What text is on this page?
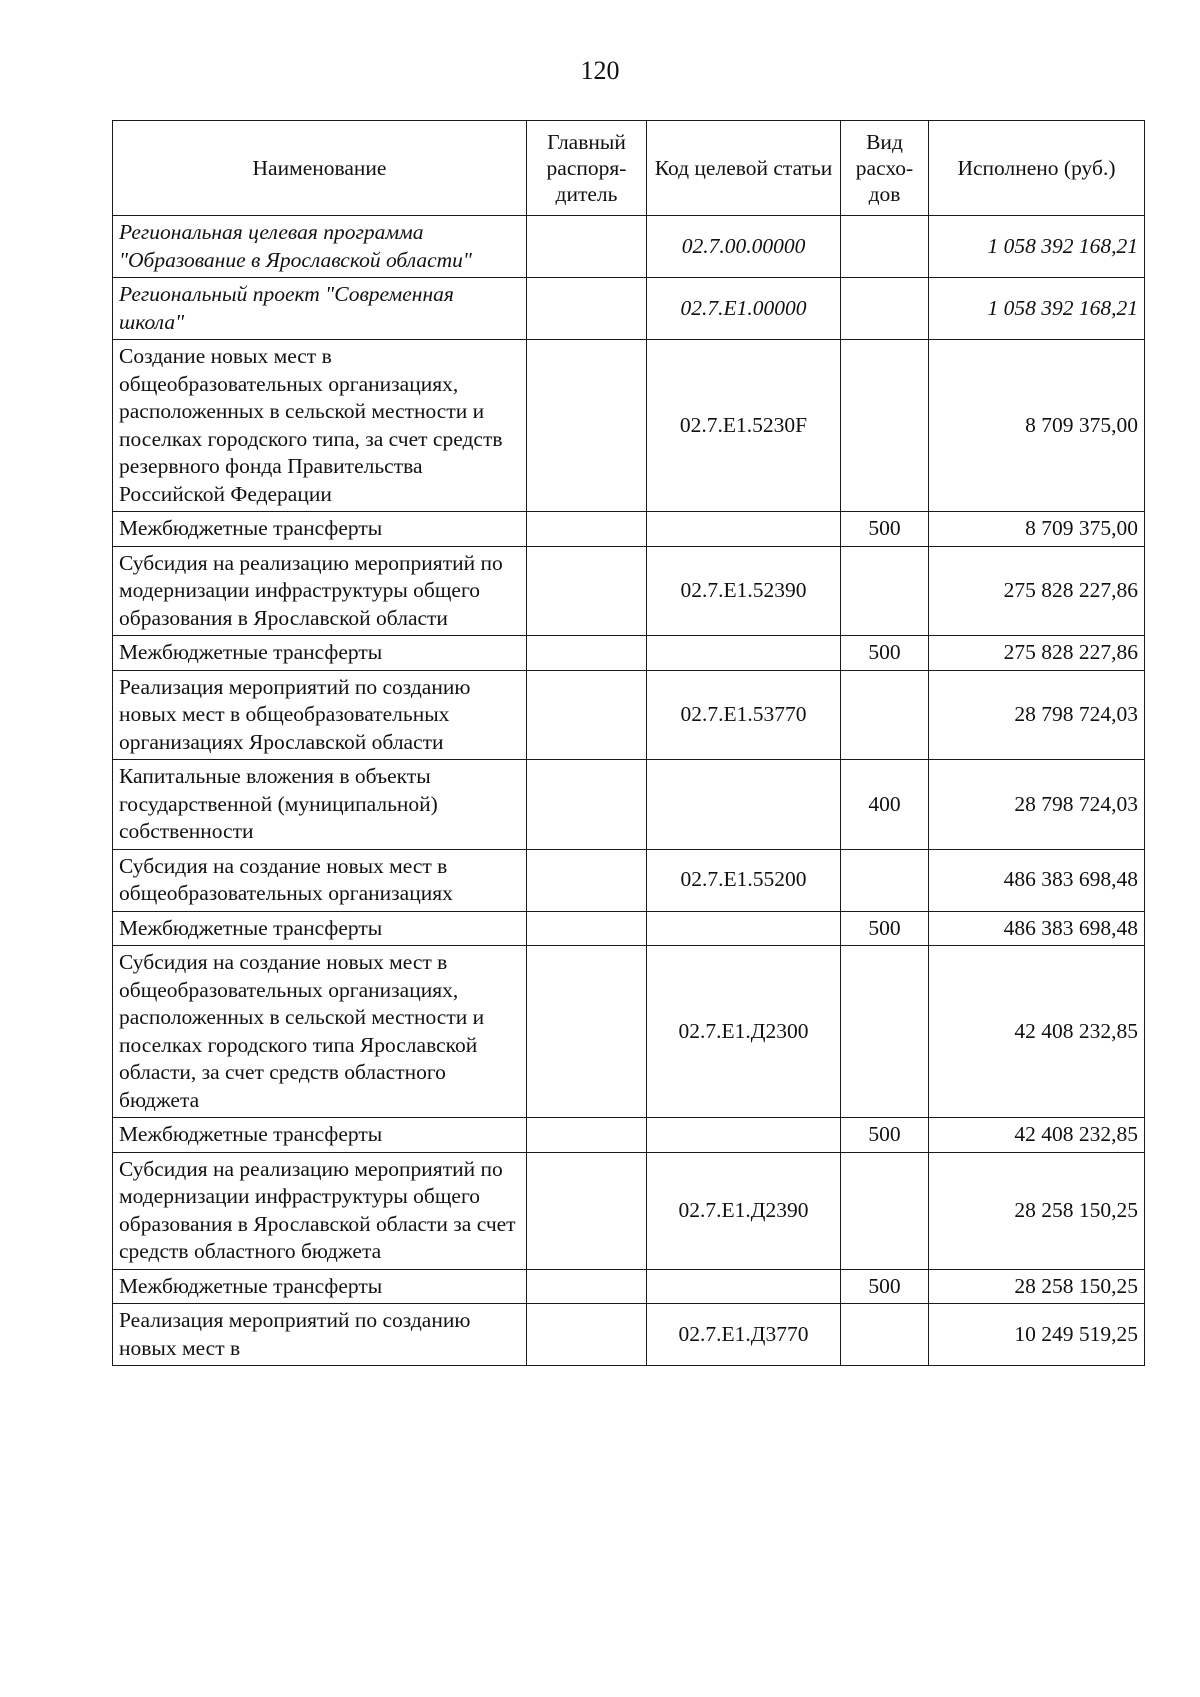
120
Наименование	Главный распоря-дитель	Код целевой статьи	Вид расхо-дов	Исполнено (руб.)
Региональная целевая программа "Образование в Ярославской области"		02.7.00.00000		1 058 392 168,21
Региональный проект "Современная школа"		02.7.Е1.00000		1 058 392 168,21
Создание новых мест в общеобразовательных организациях, расположенных в сельской местности и поселках городского типа, за счет средств резервного фонда Правительства Российской Федерации		02.7.Е1.5230F		8 709 375,00
Межбюджетные трансферты			500	8 709 375,00
Субсидия на реализацию мероприятий по модернизации инфраструктуры общего образования в Ярославской области		02.7.Е1.52390		275 828 227,86
Межбюджетные трансферты			500	275 828 227,86
Реализация мероприятий по созданию новых мест в общеобразовательных организациях Ярославской области		02.7.Е1.53770		28 798 724,03
Капитальные вложения в объекты государственной (муниципальной) собственности			400	28 798 724,03
Субсидия на создание новых мест в общеобразовательных организациях		02.7.Е1.55200		486 383 698,48
Межбюджетные трансферты			500	486 383 698,48
Субсидия на создание новых мест в общеобразовательных организациях, расположенных в сельской местности и поселках городского типа Ярославской области, за счет средств областного бюджета		02.7.Е1.Д2300		42 408 232,85
Межбюджетные трансферты			500	42 408 232,85
Субсидия на реализацию мероприятий по модернизации инфраструктуры общего образования в Ярославской области за счет средств областного бюджета		02.7.Е1.Д2390		28 258 150,25
Межбюджетные трансферты			500	28 258 150,25
Реализация мероприятий по созданию новых мест в		02.7.Е1.Д3770		10 249 519,25
